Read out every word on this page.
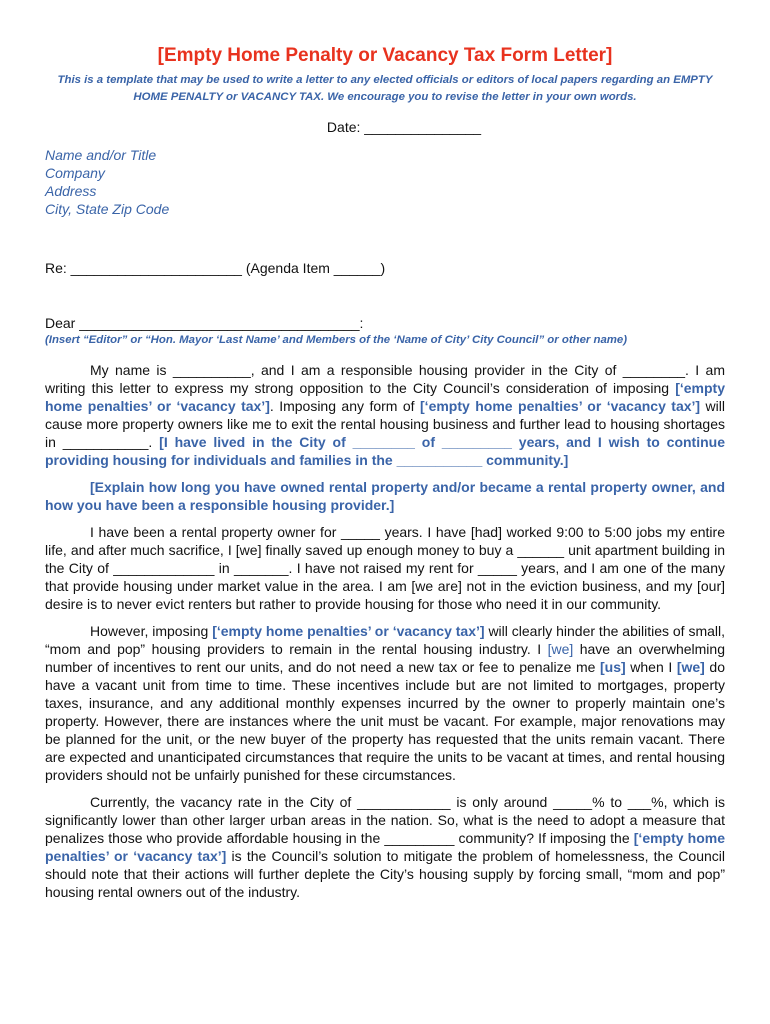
[Empty Home Penalty or Vacancy Tax Form Letter]
This is a template that may be used to write a letter to any elected officials or editors of local papers regarding an EMPTY HOME PENALTY or VACANCY TAX. We encourage you to revise the letter in your own words.
Date: _______________
Name and/or Title
Company
Address
City, State Zip Code
Re: ______________________ (Agenda Item ______)
Dear ____________________________________:
(Insert “Editor” or “Hon. Mayor ‘Last Name’ and Members of the ‘Name of City’ City Council” or other name)

My name is __________, and I am a responsible housing provider in the City of ________. I am writing this letter to express my strong opposition to the City Council’s consideration of imposing [‘empty home penalties’ or ‘vacancy tax’]. Imposing any form of [‘empty home penalties’ or ‘vacancy tax’] will cause more property owners like me to exit the rental housing business and further lead to housing shortages in ___________. [I have lived in the City of ________ of _________ years, and I wish to continue providing housing for individuals and families in the ___________ community.]

[Explain how long you have owned rental property and/or became a rental property owner, and how you have been a responsible housing provider.]

I have been a rental property owner for _____ years. I have [had] worked 9:00 to 5:00 jobs my entire life, and after much sacrifice, I [we] finally saved up enough money to buy a ______ unit apartment building in the City of _____________ in _______. I have not raised my rent for _____ years, and I am one of the many that provide housing under market value in the area. I am [we are] not in the eviction business, and my [our] desire is to never evict renters but rather to provide housing for those who need it in our community.

However, imposing [‘empty home penalties’ or ‘vacancy tax’] will clearly hinder the abilities of small, “mom and pop” housing providers to remain in the rental housing industry. I [we] have an overwhelming number of incentives to rent our units, and do not need a new tax or fee to penalize me [us] when I [we] do have a vacant unit from time to time. These incentives include but are not limited to mortgages, property taxes, insurance, and any additional monthly expenses incurred by the owner to properly maintain one’s property. However, there are instances where the unit must be vacant. For example, major renovations may be planned for the unit, or the new buyer of the property has requested that the units remain vacant. There are expected and unanticipated circumstances that require the units to be vacant at times, and rental housing providers should not be unfairly punished for these circumstances.

Currently, the vacancy rate in the City of ____________ is only around _____% to ___%, which is significantly lower than other larger urban areas in the nation. So, what is the need to adopt a measure that penalizes those who provide affordable housing in the _________ community? If imposing the [‘empty home penalties’ or ‘vacancy tax’] is the Council’s solution to mitigate the problem of homelessness, the Council should note that their actions will further deplete the City’s housing supply by forcing small, “mom and pop” housing rental owners out of the industry.
